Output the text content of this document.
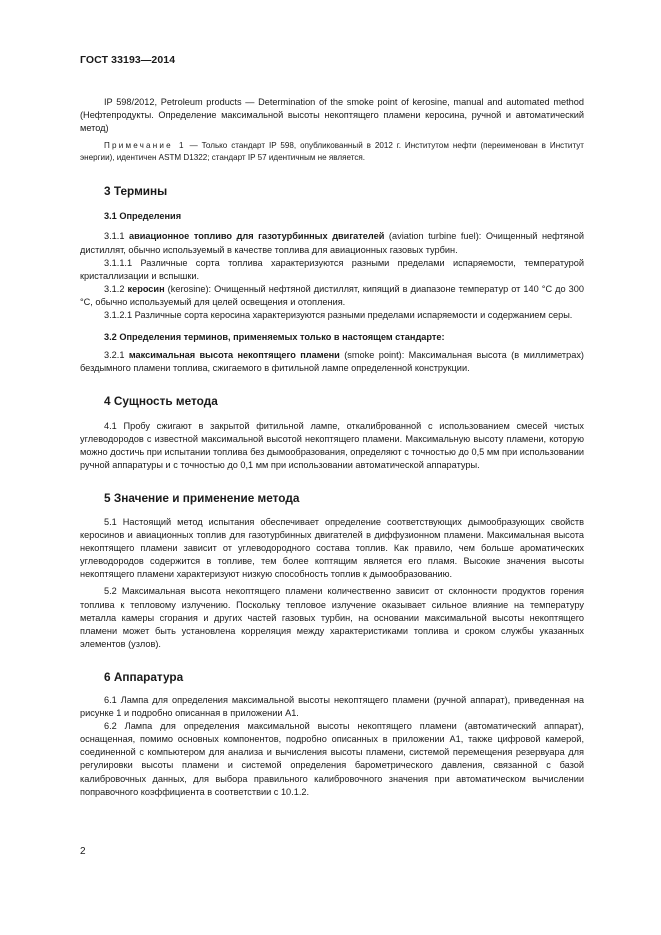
ГОСТ 33193—2014

IP 598/2012, Petroleum products — Determination of the smoke point of kerosine, manual and automated method (Нефтепродукты. Определение максимальной высоты некоптящего пламени керосина, ручной и автоматический метод)

Примечание 1 — Только стандарт IP 598, опубликованный в 2012 г. Институтом нефти (переименован в Институт энергии), идентичен ASTM D1322; стандарт IP 57 идентичным не является.

3 Термины
3.1 Определения

3.1.1 авиационное топливо для газотурбинных двигателей (aviation turbine fuel): Очищенный нефтяной дистиллят, обычно используемый в качестве топлива для авиационных газовых турбин.

3.1.1.1 Различные сорта топлива характеризуются разными пределами испаряемости, температурой кристаллизации и вспышки.

3.1.2 керосин (kerosine): Очищенный нефтяной дистиллят, кипящий в диапазоне температур от 140 °С до 300 °С, обычно используемый для целей освещения и отопления.

3.1.2.1 Различные сорта керосина характеризуются разными пределами испаряемости и содержанием серы.

3.2 Определения терминов, применяемых только в настоящем стандарте:

3.2.1 максимальная высота некоптящего пламени (smoke point): Максимальная высота (в миллиметрах) бездымного пламени топлива, сжигаемого в фитильной лампе определенной конструкции.

4 Сущность метода

4.1 Пробу сжигают в закрытой фитильной лампе, откалиброванной с использованием смесей чистых углеводородов с известной максимальной высотой некоптящего пламени. Максимальную высоту пламени, которую можно достичь при испытании топлива без дымообразования, определяют с точностью до 0,5 мм при использовании ручной аппаратуры и с точностью до 0,1 мм при использовании автоматической аппаратуры.

5 Значение и применение метода

5.1 Настоящий метод испытания обеспечивает определение соответствующих дымообразующих свойств керосинов и авиационных топлив для газотурбинных двигателей в диффузионном пламени. Максимальная высота некоптящего пламени зависит от углеводородного состава топлив. Как правило, чем больше ароматических углеводородов содержится в топливе, тем более коптящим является его пламя. Высокие значения высоты некоптящего пламени характеризуют низкую способность топлив к дымообразованию.

5.2 Максимальная высота некоптящего пламени количественно зависит от склонности продуктов горения топлива к тепловому излучению. Поскольку тепловое излучение оказывает сильное влияние на температуру металла камеры сгорания и других частей газовых турбин, на основании максимальной высоты некоптящего пламени может быть установлена корреляция между характеристиками топлива и сроком службы указанных элементов (узлов).

6 Аппаратура

6.1 Лампа для определения максимальной высоты некоптящего пламени (ручной аппарат), приведенная на рисунке 1 и подробно описанная в приложении А1.

6.2 Лампа для определения максимальной высоты некоптящего пламени (автоматический аппарат), оснащенная, помимо основных компонентов, подробно описанных в приложении А1, также цифровой камерой, соединенной с компьютером для анализа и вычисления высоты пламени, системой перемещения резервуара для регулировки высоты пламени и системой определения барометрического давления, связанной с базой калибровочных данных, для выбора правильного калибровочного значения при автоматическом вычислении поправочного коэффициента в соответствии с 10.1.2.

2
